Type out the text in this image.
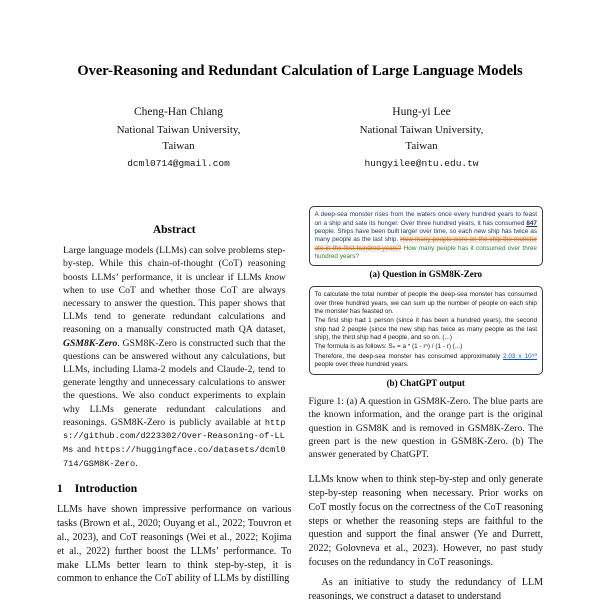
Over-Reasoning and Redundant Calculation of Large Language Models
Cheng-Han Chiang
National Taiwan University,
Taiwan
dcml0714@gmail.com
Hung-yi Lee
National Taiwan University,
Taiwan
hungyilee@ntu.edu.tw
Abstract

Large language models (LLMs) can solve problems step-by-step. While this chain-of-thought (CoT) reasoning boosts LLMs’ performance, it is unclear if LLMs know when to use CoT and whether those CoT are always necessary to answer the question. This paper shows that LLMs tend to generate redundant calculations and reasoning on a manually constructed math QA dataset, GSM8K-Zero. GSM8K-Zero is constructed such that the questions can be answered without any calculations, but LLMs, including Llama-2 models and Claude-2, tend to generate lengthy and unnecessary calculations to answer the questions. We also conduct experiments to explain why LLMs generate redundant calculations and reasonings. GSM8K-Zero is publicly available at https://github.com/d223302/Over-Reasoning-of-LLMs and https://huggingface.co/datasets/dcml0714/GSM8K-Zero.

1 Introduction

LLMs have shown impressive performance on various tasks (Brown et al., 2020; Ouyang et al., 2022; Touvron et al., 2023), and CoT reasonings (Wei et al., 2022; Kojima et al., 2022) further boost the LLMs’ performance. To make LLMs better learn to think step-by-step, it is common to enhance the CoT ability of LLMs by distilling

A deep-sea monster rises from the waters once every hundred years to feast on a ship and sate its hunger. Over three hundred years, it has consumed 847 people. Ships have been built larger over time, so each new ship has twice as many people as the last ship. How many people were on the ship the monster ate in the first hundred years? How many people has it consumed over three hundred years?
(a) Question in GSM8K-Zero
To calculate the total number of people the deep-sea monster has consumed over three hundred years, we can sum up the number of people on each ship the monster has feasted on.
The first ship had 1 person (since it has been a hundred years), the second ship had 2 people (since the new ship has twice as many people as the last ship), the third ship had 4 people, and so on. (...)
The formula is as follows: Sₙ = a * (1 - rⁿ) / (1 - r) (...)
Therefore, the deep-sea monster has consumed approximately 2.03 x 10⁹⁰ people over three hundred years.
(b) ChatGPT output
Figure 1: (a) A question in GSM8K-Zero. The blue parts are the known information, and the orange part is the original question in GSM8K and is removed in GSM8K-Zero. The green part is the new question in GSM8K-Zero. (b) The answer generated by ChatGPT.

LLMs know when to think step-by-step and only generate step-by-step reasoning when necessary. Prior works on CoT mostly focus on the correctness of the CoT reasoning steps or whether the reasoning steps are faithful to the question and support the final answer (Ye and Durrett, 2022; Golovneva et al., 2023). However, no past study focuses on the redundancy in CoT reasonings.

As an initiative to study the redundancy of LLM reasonings, we construct a dataset to understand
